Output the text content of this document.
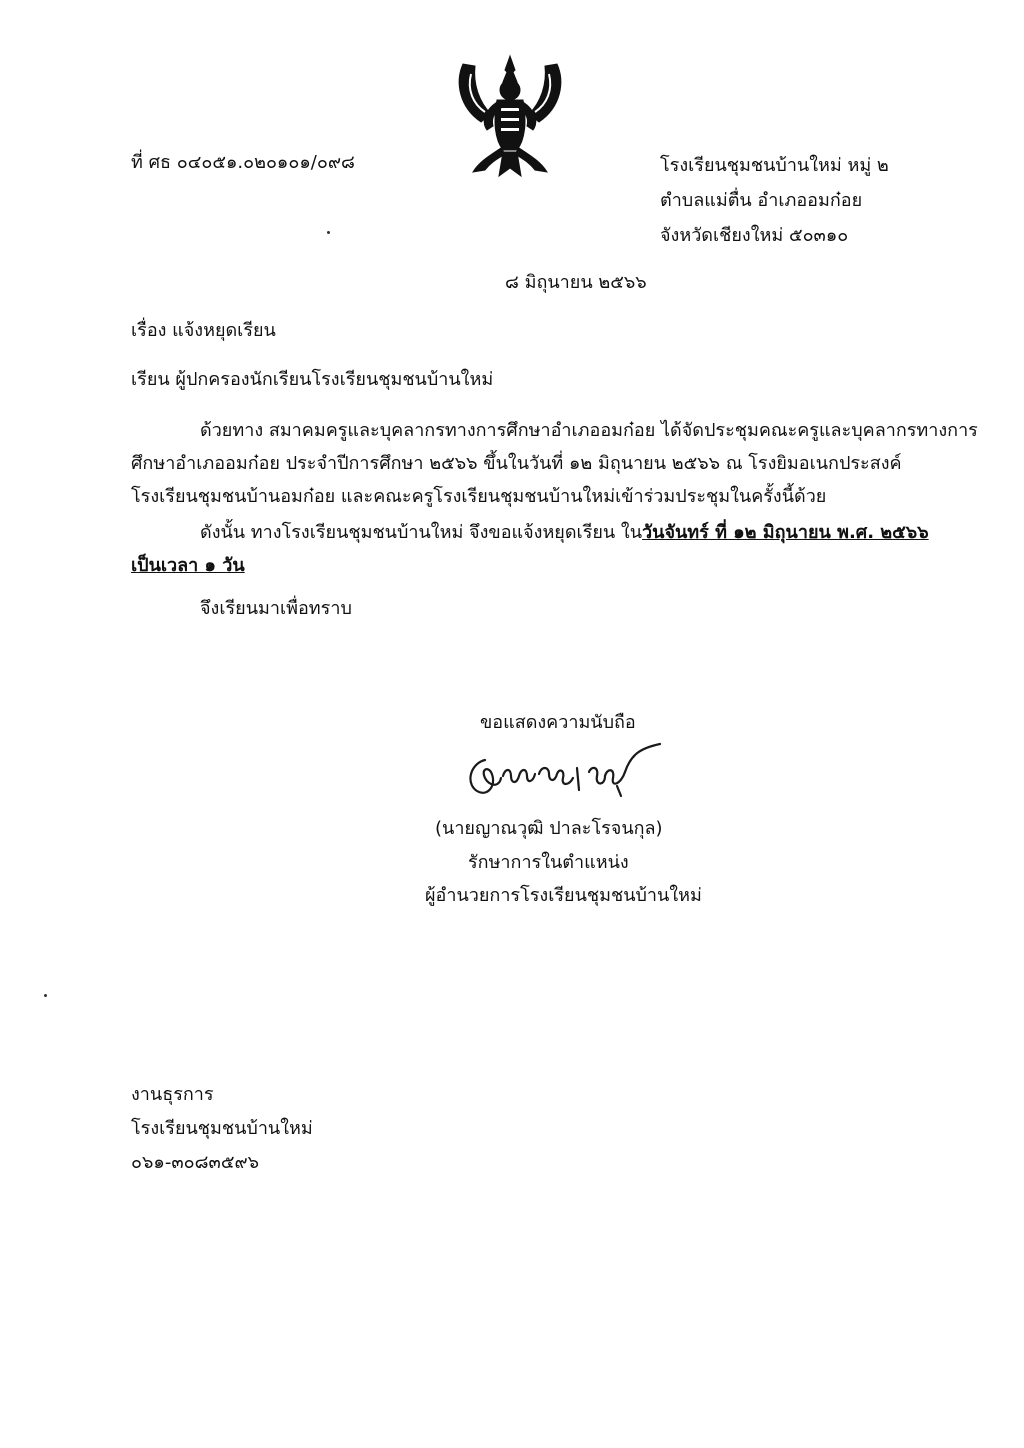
ที่ ศธ ๐๔๐๕๑.๐๒๐๑๐๑/๐๙๘	โรงเรียนชุมชนบ้านใหม่ หมู่ ๒
ตำบลแม่ตื่น อำเภออมก๋อย
จังหวัดเชียงใหม่ ๕๐๓๑๐
๘ มิถุนายน ๒๕๖๖
เรื่อง แจ้งหยุดเรียน
เรียน ผู้ปกครองนักเรียนโรงเรียนชุมชนบ้านใหม่
ด้วยทาง สมาคมครูและบุคลากรทางการศึกษาอำเภออมก๋อย ได้จัดประชุมคณะครูและบุคลากรทางการ
ศึกษาอำเภออมก๋อย ประจำปีการศึกษา ๒๕๖๖ ขึ้นในวันที่ ๑๒ มิถุนายน ๒๕๖๖ ณ โรงยิมอเนกประสงค์
โรงเรียนชุมชนบ้านอมก๋อย และคณะครูโรงเรียนชุมชนบ้านใหม่เข้าร่วมประชุมในครั้งนี้ด้วย
ดังนั้น ทางโรงเรียนชุมชนบ้านใหม่ จึงขอแจ้งหยุดเรียน ในวันจันทร์ ที่ ๑๒ มิถุนายน พ.ศ. ๒๕๖๖
เป็นเวลา ๑ วัน
จึงเรียนมาเพื่อทราบ
ขอแสดงความนับถือ
(นายญาณวุฒิ ปาละโรจนกุล)
รักษาการในตำแหน่ง
ผู้อำนวยการโรงเรียนชุมชนบ้านใหม่
งานธุรการ
โรงเรียนชุมชนบ้านใหม่
๐๖๑-๓๐๘๓๕๙๖
